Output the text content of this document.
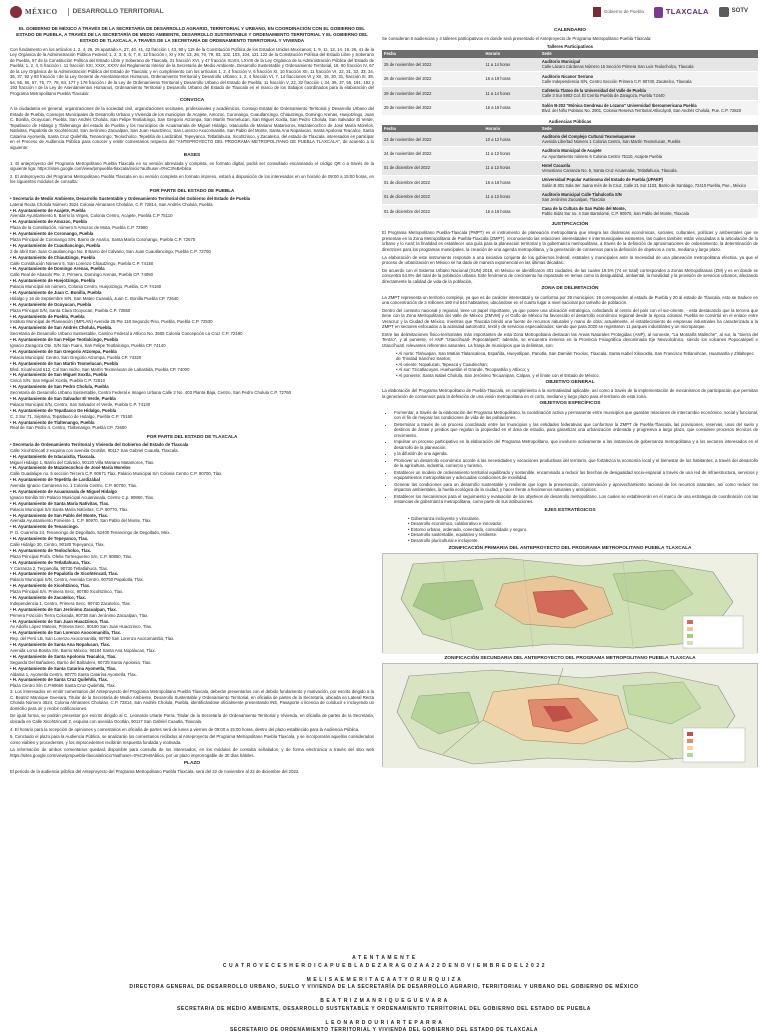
MÉXICO	DESARROLLO TERRITORIAL	Gobierno de Puebla	TLAXCALA	SOTV
EL GOBIERNO DE MÉXICO A TRAVÉS DE LA SECRETARÍA DE DESARROLLO AGRARIO, TERRITORIAL Y URBANO, EN COORDINACIÓN CON EL GOBIERNO DEL ESTADO DE PUEBLA, A TRAVÉS DE LA SECRETARÍA DE MEDIO AMBIENTE, DESARROLLO SUSTENTABLE Y ORDENAMIENTO TERRITORIAL Y EL GOBIERNO DEL ESTADO DE TLAXCALA, A TRAVÉS DE LA SECRETARÍA DE ORDENAMIENTO TERRITORIAL Y VIVIENDA

Con fundamento en los artículos 1, 2, 4, 25, 26 apartado A, 27, 40, 41, 42 fracción I, 43, 90 y 115 de la Constitución Política de los Estados Unidos Mexicanos; 1, 9, 11, 12, 14, 16, 26, 41 de la Ley Orgánica de la Administración Pública Federal; 1, 2, 3, 5, 6, 7, 8, 12 fracción I, XI y XIV, 13, 26, 70, 79, 83, 102, 103, 104, 121 122 de la Constitución Política del Estado Libre y Soberano de Puebla, 57 de la Constitución Política del Estado Libre y Soberano de Tlaxcala, 31 fracción XVI, y 47 fracción XLVIII, LXVIII de la Ley Orgánica de la Administración Pública del Estado de Puebla; 1, 2, 4, 5 fracción I, 11 fracción XXI, XXIX, XXXV del Reglamento Interior de la Secretaría de Medio Ambiente, Desarrollo Sustentable y Ordenamiento Territorial, 18, 60 fracción IV, 67 de la Ley Orgánica de la Administración Pública del Estado de Tlaxcala; y en cumplimiento con los artículos 1, 2, 4 fracción V, 6 fracción XI, 10 fracción XII, 11 fracción VI, 22, 31, 32, 33, 34, 36, 37, 92 y 93 fracción I de la Ley General de Asentamientos Humanos, Ordenamiento Territorial y Desarrollo Urbano; 1, 2, 4 fracción VI, 7, 14 fracciones VI y XII, 16, 30, 31, fracción III, 39, 54, 55, 56, 57, 75, 77, 78, 84, 177 y 178 fracción I de la Ley de Ordenamiento Territorial y Desarrollo Urbano del Estado de Puebla; 11 fracción V, 22, 32 fracción I, 34, 35, 37, 55, 191, 192 y 193 fracción I de la Ley de Asentamientos Humanos, Ordenamiento Territorial y Desarrollo Urbano del Estado de Tlaxcala en el marco de los trabajos coordinados para la elaboración del Programa Metropolitano Puebla Tlaxcala:

CONVOCA

A la ciudadanía en general, organizaciones de la sociedad civil, organizaciones vecinales, profesionales y académicos, Consejo Estatal de Ordenamiento Territorial y Desarrollo Urbano del Estado de Puebla, Consejos Municipales de Desarrollo Urbano y Vivienda de los municipios de Acajete, Amozoc, Coronango, Cuautlancingo, Chiautzingo, Domingo Arenas, Huejotzingo, Juan C. Bonilla, Ocoyucan, Puebla, San Andrés Cholula, San Felipe Teotlalcingo, San Gregorio Atzompa, San Martín Texmelucan, San Miguel Xoxtla, San Pedro Cholula, San Salvador El Verde, Tepatlaxco de Hidalgo y Tlaltenango del estado de Puebla y los municipios de Acuamanala de Miguel Hidalgo, Ixtacuixtla de Mariano Matamoros, Mazatecochco de José María Morelos, Natívitas, Papalotla de Xicohténcatl, San Jerónimo Zacualpan, San Juan Huactzinco, San Lorenzo Axocomanitla, San Pablo del Monte, Santa Ana Nopalucan, Santa Apolonia Teacalco, Santa Catarina Ayometla, Santa Cruz Quilehtla, Tenancingo, Teolocholco, Tepetitla de Lardizábal, Tepeyanco, Tetlatlahuca, Xicohtzinco, y Zacatelco, del estado de Tlaxcala, interesados en participar en el Proceso de Audiencia Pública para conocer y emitir comentarios respecto del "ANTEPROYECTO DEL PROGRAMA METROPOLITANO DE PUEBLA TLAXCALA", de acuerdo a lo siguiente:

BASES

1. El anteproyecto del Programa Metropolitano Puebla Tlaxcala en su versión abreviada y completa, en formato digital, podrá ser consultado escaneando el código QR o a través de la siguiente liga: https://sites.google.com/view/pmpuebla-tlaxcala/inicio?authuser=0%C3%BAblica

2. El anteproyecto del Programa Metropolitano Puebla Tlaxcala en su versión completa en formato impreso, estará a disposición de los interesados en un horario de 09:00 a 15:00 horas, en los siguientes módulos de consulta:

POR PARTE DEL ESTADO DE PUEBLA
• Secretaría de Medio Ambiente, Desarrollo Sustentable y Ordenamiento Territorial del Gobierno del Estado de Puebla
Lateral Recta Cholula Número 3524 Colonia Almarares Cholulan, C.P. 72814, San Andrés Cholula, Puebla.
• H. Ayuntamiento de Acajete, Puebla
Avenida Ayuntamiento 6, Barrio la Virgen, Colonia Centro, Acajete, Puebla C.P 75110
• H. Ayuntamiento de Amozoc, Puebla
Plaza de la Constitución, número 5 Amozoc de Mota, Puebla C.P. 72980
• H. Ayuntamiento de Coronango, Puebla
Plaza Principal de Coronango S/N, Barrio de Analco, Santa María Coronango, Puebla C.P. 72670
• H. Ayuntamiento de Cuautlancingo, Puebla
2 de abril San Juan Cuautlancingo No. 8 Barrio del Calvario, San Juan Cuautlancingo, Puebla C.P. 72700
• H. Ayuntamiento de Chiautzingo, Puebla
Calle Constitución Número 5, San Lorenzo Chiautzingo, Puebla C.P. 74150
• H. Ayuntamiento de Domingo Arenas, Puebla
Calle Real de Abasolo Pte. 2, Primero, Domingo Arenas, Puebla CP. 74050
• H. Ayuntamiento de Huejotzingo, Puebla
Palacio Municipal sin número, Colonia Centro, Huejotzingo, Puebla, C.P. 74160
• H. Ayuntamiento de Juan C. Bonilla, Puebla
Hidalgo y 16 de Septiembre S/N, San Mateo Cuanalá, Juan C. Bonilla Puebla CP. 72640
• H. Ayuntamiento de Ocoyucan, Puebla
Plaza Principal S/N, Santa Clara Ocoyucan, Puebla C.P. 72850
• H. Ayuntamiento de Puebla, Puebla
Instituto Municipal de Planeación (IMPLAN) Avenida 25 Pte 118 Segundo Piso, Puebla, Puebla C.P. 72530
• H. Ayuntamiento de San Andrés Cholula, Puebla.
Secretaría de Desarrollo Urbano Sustentable, Camino Federal a Atlixco No. 3505 Colonia Concepción La Cruz C.P. 72190
• H. Ayuntamiento de San Felipe Teotlalcingo, Puebla
Ignacio Zaragoza Ote. S/N San Fuaro, San Felipe Teotlalcingo, Puebla CP. 74140
• H. Ayuntamiento de San Gregorio Atzompa, Puebla
Palacio Municipal. Centro, San Gregorio Atzompa, Puebla CP. 74320
• H. Ayuntamiento de San Martín Texmelucan, Puebla
Blvd. Xicoténcatl 612, Col San Isidro, San Martín Texmelucan de Labastida, Puebla CP. 74000
• H. Ayuntamiento de San Miguel Xoxtla, Puebla
Civica S/N, San Miguel Xoxtla, Puebla C.P. 72810
• H. Ayuntamiento de San Pedro Cholula, Puebla
Secretaría de Desarrollo Urbano Sustentable, Centro Federal e Imagen Urbana Calle 2 No. 403 Planta Baja, Centro, San Pedro Cholula C.P. 72760
• H. Ayuntamiento de San Salvador El Verde, Puebla
Palacio Municipal S/N, Centro, San Salvador el Verde, Puebla C.P. 74130
• H. Ayuntamiento de Tepatlaxco De Hidalgo, Puebla
C. 2 Sur 71, Séptima, Tepatlaxco de Hidalgo, Puebla C.P. 75160
• H. Ayuntamiento de Tlaltenango, Puebla
Real de San Pedro 4, Centro, Tlaltenango, Puebla CP. 72600
POR PARTE DEL ESTADO DE TLAXCALA
• Secretaría de Ordenamiento Territorial y Vivienda del Gobierno del Estado de Tlaxcala
Calle Xicohtzincatl 2 esquina con avenida Ocotlán, 90117 San Gabriel Cuautla, Tlaxcala.
• H. Ayuntamiento de Ixtacuixtla, Tlaxcala.
Miguel Hidalgo 1, Barrio del Calvario, 90120 Villa Mariano Matamoros, Tlax.
• H. Ayuntamiento de Mazatecochco de José María Morelos
Calle Guadalupe no. 5 sección Tercera C.P. 90671 Tlax. Palacio Municipal S/n Colonia Centro C.P. 90700, Tlax.
• H. Ayuntamiento de Tepetitla de Lardizábal
Avenida Ignacio Camarena no. 1 Colonia Centro, C.P. 90700, Tlax.
• H. Ayuntamiento de Acuamanala de Miguel Hidalgo
Ignacio Bonilla S/n Palacio Municipal Acuamanala, Centro C.p. 90860, Tlax.
• H. Ayuntamiento de Santa María Natívitas, Tlax.
Palacio Municipal S/n Santa María Natívitas, C.P. 90770, Tlax.
• H. Ayuntamiento de San Pablo del Monte, Tlax.
Avenida Ayuntamiento Poniente 1, C.P. 90970, San Pablo del Monte, Tlax.
• H. Ayuntamiento de Tenancingo.
P. O. Cuarenta 24, Tenancingo de Degollado, 52400 Tenancingo de Degollado, Méx.
• H. Ayuntamiento de Tepeyanco, Tlax.
Calle Hidalgo 30, Centro, 90180 Tepeyanco, Tlax.
• H. Ayuntamiento de Teolocholco, Tlax.
Plaza Principal Profa. Ofelia Torresquemo S/n, C.P. 90850, Tlax.
• H. Ayuntamiento de Tetlatlahuca, Tlax.
Y Carranza 2, Tecpanolla, 90730 Tetlatlahuca, Tlax.
• H. Ayuntamiento de Papalotla de Xicohténcatl, Tlax.
Palacio Municipal S/N, Centro, Avenida Centro, 90750 Papalotla, Tlax.
• H. Ayuntamiento de Xicohtzinco, Tlax.
Plaza Principal S/n. Primera Secc, 90780 Xicohtzinco, Tlax.
• H. Ayuntamiento de Zacatelco, Tlax.
Independencia 1, Centro, Primera Secc, 90740 Zacatelco, Tlax.
• H. Ayuntamiento de San Jerónimo Zacualpan, Tlax.
Primera Fracción Tierra Colorada, 90738 San Jerónimo Zacualpan, Tlax.
• H. Ayuntamiento de San Juan Huactzinco, Tlax.
Av Adolfo López Mateos, Primera Secc, 90190 San Juan Huactzinco, Tlax.
• H. Ayuntamiento de San Lorenzo Axocomanitla, Tlax.
Rep. del Perú LB, San Lorenzo Axocomanitla, 90750 San Lorenzo Axocomanitla, Tlax.
• H. Ayuntamiento de Santa Ana Nopalucan, Tlax.
Avenida Loma Bonita S/n, Barrio México, 90184 Santa Ana Nopalucan, Tlax.
• H. Ayuntamiento de Santa Apolonia Teacalco, Tlax.
Segunda Del Bañadero, Barrio del Bañadero, 90725 Santa Apolonia, Tlax.
• H. Ayuntamiento de Santa Catarina Ayometla, Tlax.
Aldama 1, Ayometla Centro, 90770 Santa Catarina Ayometla, Tlax.
• H. Ayuntamiento de Santa Cruz Quilehtla, Tlax.
Plaza Centro S/n C.P.90660 Santa Cruz Quilehtla, Tlax.

3. Los interesados en emitir comentarios del Anteproyecto del Programa Metropolitano Puebla Tlaxcala, deberán presentarlos con el debido fundamento y motivación, por escrito dirigido a la C. Beatriz Manrique Guevara, Titular de la Secretaría de Medio Ambiente, Desarrollo Sustentable y Ordenamiento Territorial, en oficialía de partes de la Secretaría, ubicada en Lateral Recta Cholula Número 3524, Colonia Almarares Cholulan, C.P. 72814, San Andrés Cholula, Puebla, identificándose oficialmente presentando INE, Pasaporte o licencia de conducir e incluyendo un domicilio para oír y recibir notificaciones.

De igual forma, se podrán presentar por escrito dirigido al C. Leonardo Uriarte Parra, Titular de la Secretaría de Ordenamiento Territorial y Vivienda, en oficialía de partes de la Secretaría, ubicada en Calle Xicohtzincatl 2, esquina con avenida Ocotlán, 90117 San Gabriel Cuautla, Tlaxcala.

4. El horario para la recepción de opiniones y comentarios en oficialía de partes será de lunes a viernes de 09:00 a 15:00 horas, dentro del plazo establecido para la Audiencia Pública.

5. Concluido el plazo para la Audiencia Pública, se analizarán los comentarios recibidos al Anteproyecto del Programa Metropolitano Puebla Tlaxcala, y se incorporarán aquellos considerados como viables y procedentes, y los improcedentes recibirán respuesta fundada y motivada.

La información de ambos comentarios quedará disponible para consulta de los interesados, en los módulos de consulta señalados, y de forma electrónica a través del sitio web https://sites.google.com/view/pmpuebla-tlaxcala/inicio?authuser=0%C3%BAblica, por un plazo improrrogable de 30 días hábiles.

PLAZO

El periodo de la audiencia pública del Anteproyecto del Programa Metropolitano Puebla Tlaxcala, será del 22 de noviembre al 22 de diciembre del 2022.

CALENDARIO

Se consideran 8 audiencias y 4 talleres participativos en donde será presentado el Anteproyecto de Programa Metropolitano Puebla Tlaxcala:

Talleres Participativos
Fecha	Horario	Sede
25 de noviembre del 2022	11 a 14 horas	Auditorio Municipal
Calle Lázaro Cárdenas Número 15 Sección Primera San Luis Teolocholco, Tlaxcala

26 de noviembre del 2022	16 a 19 horas	Auditorio Nicanor Serrano
Calle Independencia S/N, Centro Sección Primera C.P. 90740, Zacatelco, Tlaxcala

29 de noviembre del 2022	11 a 14 horas	Cafetería Tlatoo de la Universidad del Valle de Puebla
Calle 3 Sur 5902 Col. El Cerrito Puebla de Zaragoza, Puebla 72440

29 de noviembre del 2022	16 a 19 horas	Salón B-202 "Mónica Gendreau de Lozano" Universidad Iberoamericana Puebla
Blvd. del Niño Poblano No. 2901, Colonia Reserva Territorial Atlixcáyotl, San Andrés Cholula, Pue. C.P. 72820
Audiencias Públicas
Fecha	Horario	Sede
23 de noviembre del 2022	10 a 12 horas	Auditorio del Complejo Cultural Texmeluquense
Avenida Libertad Número 1 Colonia Centro, San Martín Texmelucan, Puebla

24 de noviembre del 2022	11 a 13 horas	Auditorio Municipal de Acajete
Av. Ayuntamiento número 6 Colonia Centro 75110, Acajete Puebla

01 de diciembre del 2022	11 a 13 horas	Hotel Cacaxtla
Venustiano Carranza No. 5, Santa Cruz Acuamalac, Tetlatlahuca, Tlaxcala.

01 de diciembre del 2022	16 a 18 horas	Universidad Popular Autónoma del Estado de Puebla (UPAEP)
Salón B 301 Sala 3er Juana Inés de la Cruz, Calle 21 Sur 1103, Barrio de Santiago, 72410 Puebla, Pue., México

01 de diciembre del 2022	11 a 13 horas	Auditorio Municipal Calle Tlahulcotla S/N
San Jerónimo Zacualpan, Tlaxcala

01 de diciembre del 2022	16 a 18 horas	Casa de la Cultura de San Pablo del Monte,
Pablo Sidar Sur no. 4 San Bartolomé, C.P. 90970, San Pablo del Monte, Tlaxcala
JUSTIFICACIÓN

El Programa Metropolitano Puebla-Tlaxcala (PMPT) es el instrumento de planeación metropolitana que integra las dinámicas económicas, sociales, culturales, políticas y ambientales que se presentan en la Zona Metropolitana de Puebla-Tlaxcala (ZMPT), reconociendo las relaciones interestatales e intermunicipales existentes, las cuales también están vinculadas a la articulación de lo urbano y lo rural; la finalidad es establecer una guía para la planeación territorial y la gobernanza metropolitana, a través de la definición de aproximaciones de ordenamiento, la determinación de directrices para los programas municipales, la creación de una agenda metropolitana, y la generación de consensos para la definición de objetivos a corto, mediano y largo plazo.

La elaboración de este instrumento responde a una iniciativa conjunta de los gobiernos federal, estatales y municipales ante la necesidad de una planeación metropolitana efectiva, ya que el proceso de urbanización en México se ha dado de manera exponencial en las últimas décadas.

De acuerdo con el Sistema Urbano Nacional (SUN) 2018, en México se identificaron 401 ciudades, de las cuales 19.5% (74 en total) corresponden a Zonas Metropolitanas (ZM) y es en donde se concentra 64.5% del total de la población urbana. Este fenómeno de crecimiento ha impactado en temas como la desigualdad, ambiental, la movilidad y la provisión de servicios urbanos, afectando directamente la calidad de vida de la población.

ZONA DE DELIMITACIÓN

La ZMPT representa un territorio complejo, ya que es de carácter interestatal y se conforma por 39 municipios: 19 corresponden al estado de Puebla y 20 al estado de Tlaxcala, esto se traduce en una concentración de 3 millones 180 mil 644 habitantes, ubicándose en el cuarto lugar a nivel nacional por tamaño de población.

Dentro del contexto nacional y regional, tiene un papel importante, ya que posee una ubicación estratégica, colindando al centro del país con el sur-oriente, - esta destacando que la tercera que tiene con la Zona Metropolitana del Valle de México (ZMVM) y el Golfo de México ha favorecido el desarrollo económico regional desde la época colonial. Puebla se convirtió en el enlace entre Veracruz y la Ciudad de México, mientras que Tlaxcala brindó una fuente de recursos naturales y mano de obra; actualmente, el establecimiento de empresas industriales ha caracterizado a la ZMPT en sectores enfocados a la actividad automotriz, textil y de servicios especializados; siendo que para 2020 se registraron 11 parques industriales y un microparque.

Entre las delimitaciones físico-territoriales más importantes de esta Zona Metropolitana destacan las Áreas Naturales Protegidas (ANP), al noroeste, "La Montaña Malinche", al sur, la "Sierra del Tentzo", y al poniente, el ANP "Iztaccíhuatl- Popocatépetl"; además, se encuentra inmersa en la Provincia Fisiográfica denominada Eje Neovolcánico, siendo los volcanes Popocatépetl e Iztaccíhuatl, relevantes referentes naturales. La franja de municipios que la delimitan, son:

• Al norte: Tlahuapan, San Matías Tlalancaleca, Españita, Hueyotlipan, Panotla, San Damián Texoloc, Tlaxcala, Santa Isabel Xiloxoxtla, San Francisco Tetlanohcan, Huamantla y Zitlaltepec de Trinidad Sánchez Santos;
• Al oriente: Nopalucan, Tepeaca y Cuautinchan;
• Al sur: Tzicatlacoyan, Huehuetlán el Grande, Tecopantlán y Atlixco; y
• Al poniente: Santa Isabel Cholula, San Jerónimo Tecuanipan, Calpan, y el límite con el Estado de México.
OBJETIVO GENERAL

La elaboración del Programa Metropolitano de Puebla-Tlaxcala, en cumplimiento a la normatividad aplicable, así como a través de la implementación de mecanismos de participación que permitan la generación de consensos para la definición de una visión metropolitana en el corto, mediano y largo plazo para el territorio de esta zona.

OBJETIVOS ESPECÍFICOS
• Formentar, a través de la elaboración del Programa Metropolitano, la coordinación activa y permanente entre municipios que guardan relaciones de intercambio económico, social y funcional, con el fin de mejorar las condiciones de vida de las poblaciones.
• Determinar a través de un proceso coordinado entre los municipios y las entidades federativas que conforman la ZMPT de Puebla-Tlaxcala, las provisiones, reservas, usos del suelo y destinos de áreas y predios que regulan la propiedad en el área de estudio, para garantizar una urbanización ordenada y progresiva a largo plazo, que considere procesos técnicos de crecimiento.
• Impulsar un proceso participativo en la elaboración del Programa Metropolitano, que involucre activamente a las instancias de gobernanza metropolitana y a los sectores interesados en el desarrollo de la planeación.
• y la difusión de una agenda.
• Promover un desarrollo económico acorde a las necesidades y vocaciones productivas del territorio, que fortalezca la economía local y el bienestar de los habitantes, a través del desarrollo de la agricultura, industria, comercio y turismo.
• Establecer un modelo de ordenamiento territorial equilibrado y sostenible, encaminado a reducir las brechas de desigualdad socio-espacial a través de una red de infraestructura, servicios y equipamientos metropolitanos y adecuadas condiciones de movilidad.
• Generar las condiciones para un desarrollo sustentable y resiliente que logre la preservación, conservación y aprovechamiento racional de los recursos naturales, así como reducir los impactos ambientales, la huella ecológica de la ciudad, y hacer frente a fenómenos naturales y antrópicos.
• Establecer los mecanismos para el seguimiento y evaluación de los objetivos de desarrollo metropolitano. Los cuales se establecerán en el marco de una estrategia de coordinación con las instancias de gobernanza metropolitana, como parte de sus atribuciones.
EJES ESTRATÉGICOS
• Gobernanza incluyente y vinculante.
• Desarrollo económico, colaborativo e innovador.
• Entorno urbano, ordenado, conectado, consolidado y seguro.
• Desarrollo sustentable, equitativo y resiliente.
• Desarrollo pluricultural e incluyente.
ZONIFICACIÓN PRIMARIA DEL ANTEPROYECTO DEL PROGRAMA METROPOLITANO PUEBLA TLAXCALA
ZONIFICACIÓN SECUNDARIA DEL ANTEPROYECTO DEL PROGRAMA METROPOLITANO PUEBLA TLAXCALA
A T E N T A M E N T E
C U A T R O V E C E S H E R O I C A P U E B L A D E Z A R A G O Z A A 2 2 D E N O V I E M B R E D E L 2 0 2 2
M E L I S A E M E R I T A C A A T Y O R U R Q U I Z A
DIRECTORA GENERAL DE DESARROLLO URBANO, SUELO Y VIVIENDA DE LA SECRETARÍA DE DESARROLLO AGRARIO, TERRITORIAL Y URBANO DEL GOBIERNO DE MÉXICO
B E A T R I Z M A N R I Q U E G U E V A R A
SECRETARIA DE MEDIO AMBIENTE, DESARROLLO SUSTENTABLE Y ORDENAMIENTO TERRITORIAL DEL GOBIERNO DEL ESTADO DE PUEBLA
L E O N A R D O U R I A R T E P A R R A
SECRETARIO DE ORDENAMIENTO TERRITORIAL Y VIVIENDA DEL GOBIERNO DEL ESTADO DE TLAXCALA
